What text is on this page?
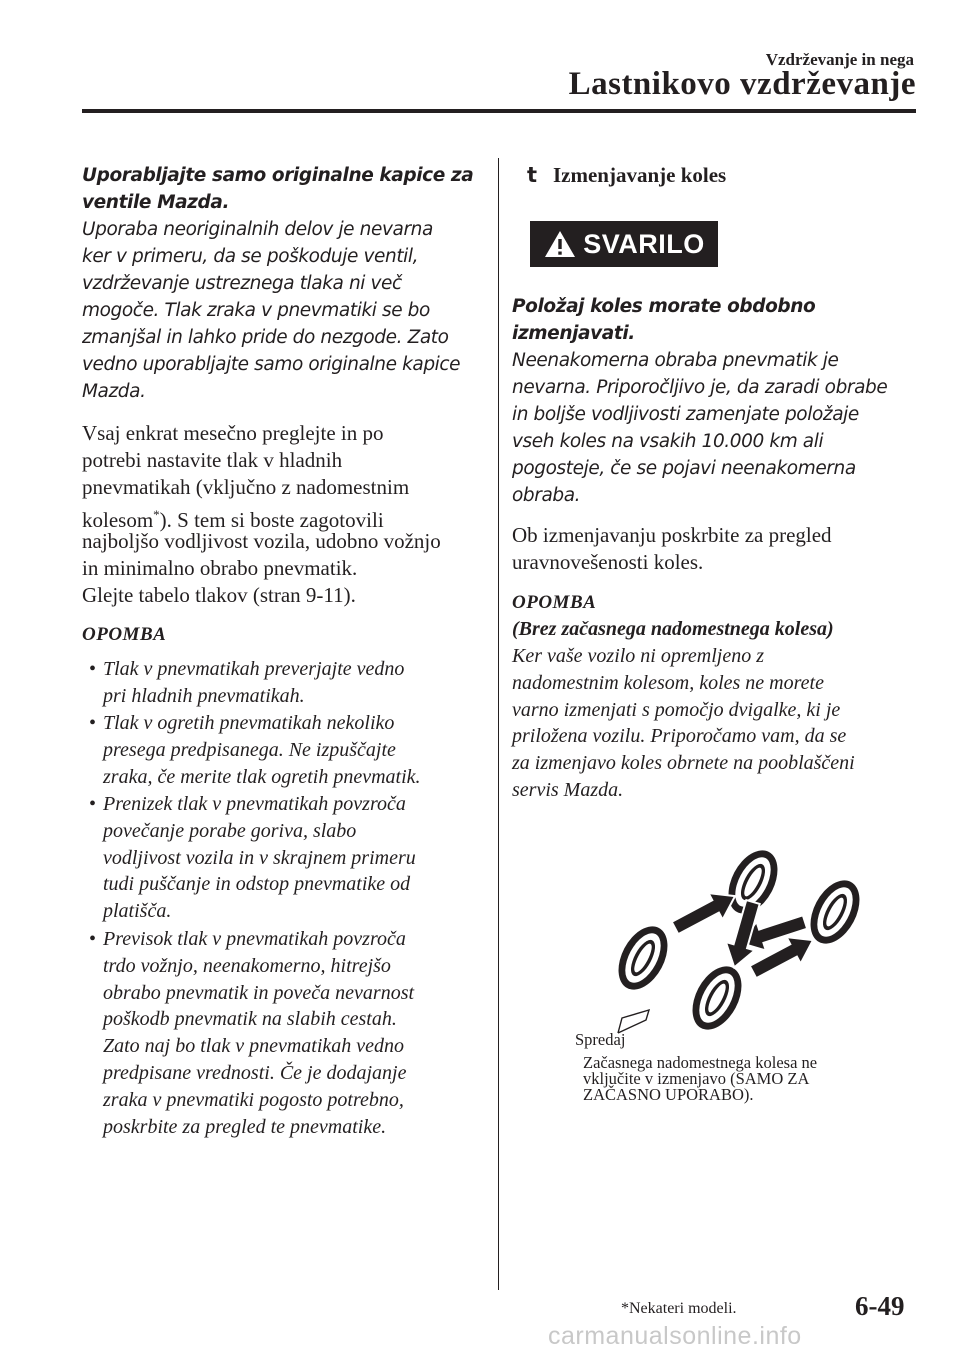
Vzdrževanje in nega
Lastnikovo vzdrževanje
Uporabljajte samo originalne kapice za
ventile Mazda.
Uporaba neoriginalnih delov je nevarna
ker v primeru, da se poškoduje ventil,
vzdrževanje ustreznega tlaka ni več
mogoče. Tlak zraka v pnevmatiki se bo
zmanjšal in lahko pride do nezgode. Zato
vedno uporabljajte samo originalne kapice
Mazda.
Vsaj enkrat mesečno preglejte in po
potrebi nastavite tlak v hladnih
pnevmatikah (vključno z nadomestnim
kolesom*). S tem si boste zagotovili
najboljšo vodljivost vozila, udobno vožnjo
in minimalno obrabo pnevmatik.
Glejte tabelo tlakov (stran 9-11).
OPOMBA
• Tlak v pnevmatikah preverjajte vedno
pri hladnih pnevmatikah.
• Tlak v ogretih pnevmatikah nekoliko
presega predpisanega. Ne izpuščajte
zraka, če merite tlak ogretih pnevmatik.
• Prenizek tlak v pnevmatikah povzroča
povečanje porabe goriva, slabo
vodljivost vozila in v skrajnem primeru
tudi puščanje in odstop pnevmatike od
platišča.
• Previsok tlak v pnevmatikah povzroča
trdo vožnjo, neenakomerno, hitrejšo
obrabo pnevmatik in poveča nevarnost
poškodb pnevmatik na slabih cestah.
Zato naj bo tlak v pnevmatikah vedno
predpisane vrednosti. Če je dodajanje
zraka v pnevmatiki pogosto potrebno,
poskrbite za pregled te pnevmatike.
t Izmenjavanje koles
SVARILO
Položaj koles morate obdobno
izmenjavati.
Neenakomerna obraba pnevmatik je
nevarna. Priporočljivo je, da zaradi obrabe
in boljše vodljivosti zamenjate položaje
vseh koles na vsakih 10.000 km ali
pogosteje, če se pojavi neenakomerna
obraba.
Ob izmenjavanju poskrbite za pregled
uravnovešenosti koles.
OPOMBA
(Brez začasnega nadomestnega kolesa)
Ker vaše vozilo ni opremljeno z
nadomestnim kolesom, koles ne morete
varno izmenjati s pomočjo dvigalke, ki je
priložena vozilu. Priporočamo vam, da se
za izmenjavo koles obrnete na pooblaščeni
servis Mazda.
Spredaj
Začasnega nadomestnega kolesa ne
vključite v izmenjavo (SAMO ZA
ZAČASNO UPORABO).
*Nekateri modeli.	6-49
carmanualsonline.info
